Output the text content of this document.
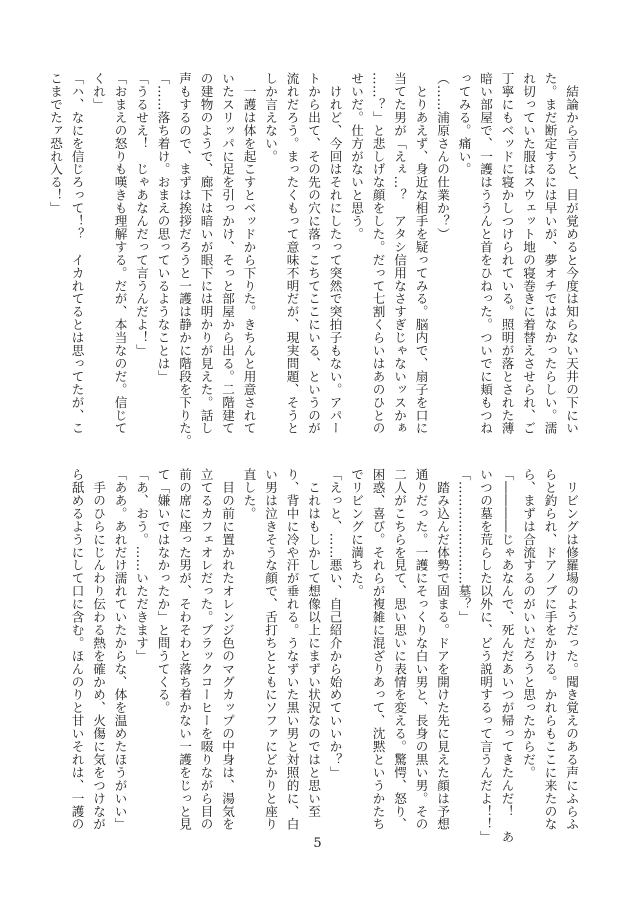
　結論から言うと、目が覚めると今度は知らない天井の下にい
た。まだ断定するには早いが、夢オチではなかったらしい。濡
れ切っていた服はスウェット地の寝巻きに着替えさせられ、ご
丁寧にもベッドに寝かしつけられている。照明が落とされた薄
暗い部屋で、一護はううんと首をひねった。ついでに頬もつね
ってみる。痛い。
（……浦原さんの仕業か？）
　とりあえず、身近な相手を疑ってみる。脳内で、扇子を口に
当てた男が「えぇ…？　アタシ信用なさすぎじゃないッスかぁ
……？」と悲しげな顔をした。だって七割くらいはあのひとの
せいだ。仕方がないと思う。
　けれど、今回はそれにしたって突然で突拍子もない。アパー
トから出て、その先の穴に落っこちてここにいる、というのが
流れだろう。まったくもって意味不明だが、現実問題、そうと
しか言えない。
　一護は体を起こすとベッドから下りた。きちんと用意されて
いたスリッパに足を引っかけ、そっと部屋から出る。二階建て
の建物のようで、廊下は暗いが眼下には明かりが見えた。話し
声もするので、まずは挨拶だろうと一護は静かに階段を下りた。
「……落ち着け。おまえの思っているようなことは」
「うるせえ！　じゃあなんだって言うんだよ！」
「おまえの怒りも嘆きも理解する。だが、本当なのだ。信じて
くれ」
「ハ、なにを信じろって！？　イカれてるとは思ってたが、こ
こまでたァ恐れ入る！」
　リビングは修羅場のようだった。聞き覚えのある声にふらふ
らと釣られ、ドアノブに手をかける。かれらもここに来たのな
ら、まずは合流するのがいいだろうと思ったからだ。
「――――じゃあなんで、死んだあいつが帰ってきたんだ！　あ
いつの墓を荒らした以外に、どう説明するって言うんだよ！！」
「……………………墓？」
　踏み込んだ体勢で固まる。ドアを開けた先に見えた顔は予想
通りだった。一護にそっくりな白い男と、長身の黒い男。その
二人がこちらを見て、思い思いに表情を変える。驚愕、怒り、
困惑、喜び。それらが複雑に混ざりあって、沈黙というかたち
でリビングに満ちた。
「えっと、……悪い、自己紹介から始めていいか？」
　これはもしかして想像以上にまずい状況なのではと思い至
り、背中に冷や汗が垂れる。うなずいた黒い男と対照的に、白
い男は泣きそうな顔で、舌打ちとともにソファにどかりと座り
直した。
　目の前に置かれたオレンジ色のマグカップの中身は、湯気を
立てるカフェオレだった。ブラックコーヒーを啜りながら目の
前の席に座った男が、そわそわと落ち着かない一護をじっと見
て「嫌いではなかったか」と問うてくる。
「あ、おう。……いただきます」
「ああ。あれだけ濡れていたからな、体を温めたほうがいい」
　手のひらにじんわり伝わる熱を確かめ、火傷に気をつけなが
ら舐めるようにして口に含む。ほんのりと甘いそれは、一護の
5
